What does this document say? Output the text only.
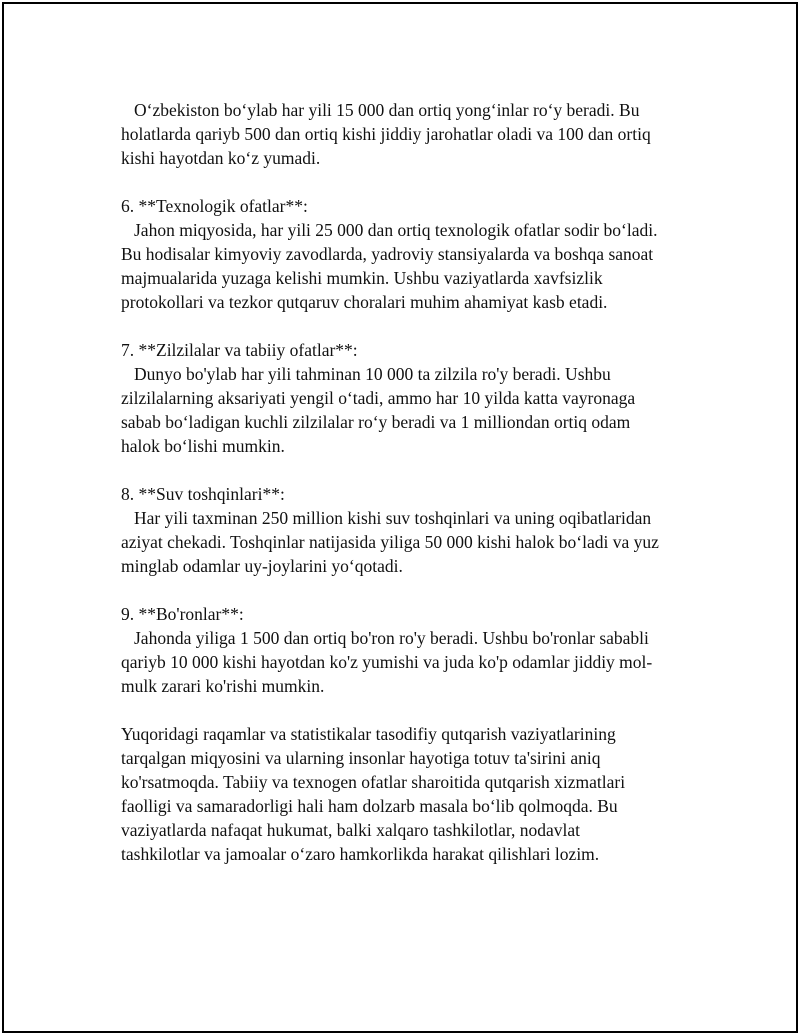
O‘zbekiston bo‘ylab har yili 15 000 dan ortiq yong‘inlar ro‘y beradi. Bu
holatlarda qariyb 500 dan ortiq kishi jiddiy jarohatlar oladi va 100 dan ortiq
kishi hayotdan ko‘z yumadi.
6. **Texnologik ofatlar**:
Jahon miqyosida, har yili 25 000 dan ortiq texnologik ofatlar sodir bo‘ladi.
Bu hodisalar kimyoviy zavodlarda, yadroviy stansiyalarda va boshqa sanoat
majmualarida yuzaga kelishi mumkin. Ushbu vaziyatlarda xavfsizlik
protokollari va tezkor qutqaruv choralari muhim ahamiyat kasb etadi.
7. **Zilzilalar va tabiiy ofatlar**:
Dunyo bo'ylab har yili tahminan 10 000 ta zilzila ro'y beradi. Ushbu
zilzilalarning aksariyati yengil o‘tadi, ammo har 10 yilda katta vayronaga
sabab bo‘ladigan kuchli zilzilalar ro‘y beradi va 1 milliondan ortiq odam
halok bo‘lishi mumkin.
8. **Suv toshqinlari**:
Har yili taxminan 250 million kishi suv toshqinlari va uning oqibatlaridan
aziyat chekadi. Toshqinlar natijasida yiliga 50 000 kishi halok bo‘ladi va yuz
minglab odamlar uy-joylarini yo‘qotadi.
9. **Bo'ronlar**:
Jahonda yiliga 1 500 dan ortiq bo'ron ro'y beradi. Ushbu bo'ronlar sababli
qariyb 10 000 kishi hayotdan ko'z yumishi va juda ko'p odamlar jiddiy mol-
mulk zarari ko'rishi mumkin.
Yuqoridagi raqamlar va statistikalar tasodifiy qutqarish vaziyatlarining
tarqalgan miqyosini va ularning insonlar hayotiga totuv ta'sirini aniq
ko'rsatmoqda. Tabiiy va texnogen ofatlar sharoitida qutqarish xizmatlari
faolligi va samaradorligi hali ham dolzarb masala bo‘lib qolmoqda. Bu
vaziyatlarda nafaqat hukumat, balki xalqaro tashkilotlar, nodavlat
tashkilotlar va jamoalar o‘zaro hamkorlikda harakat qilishlari lozim.
